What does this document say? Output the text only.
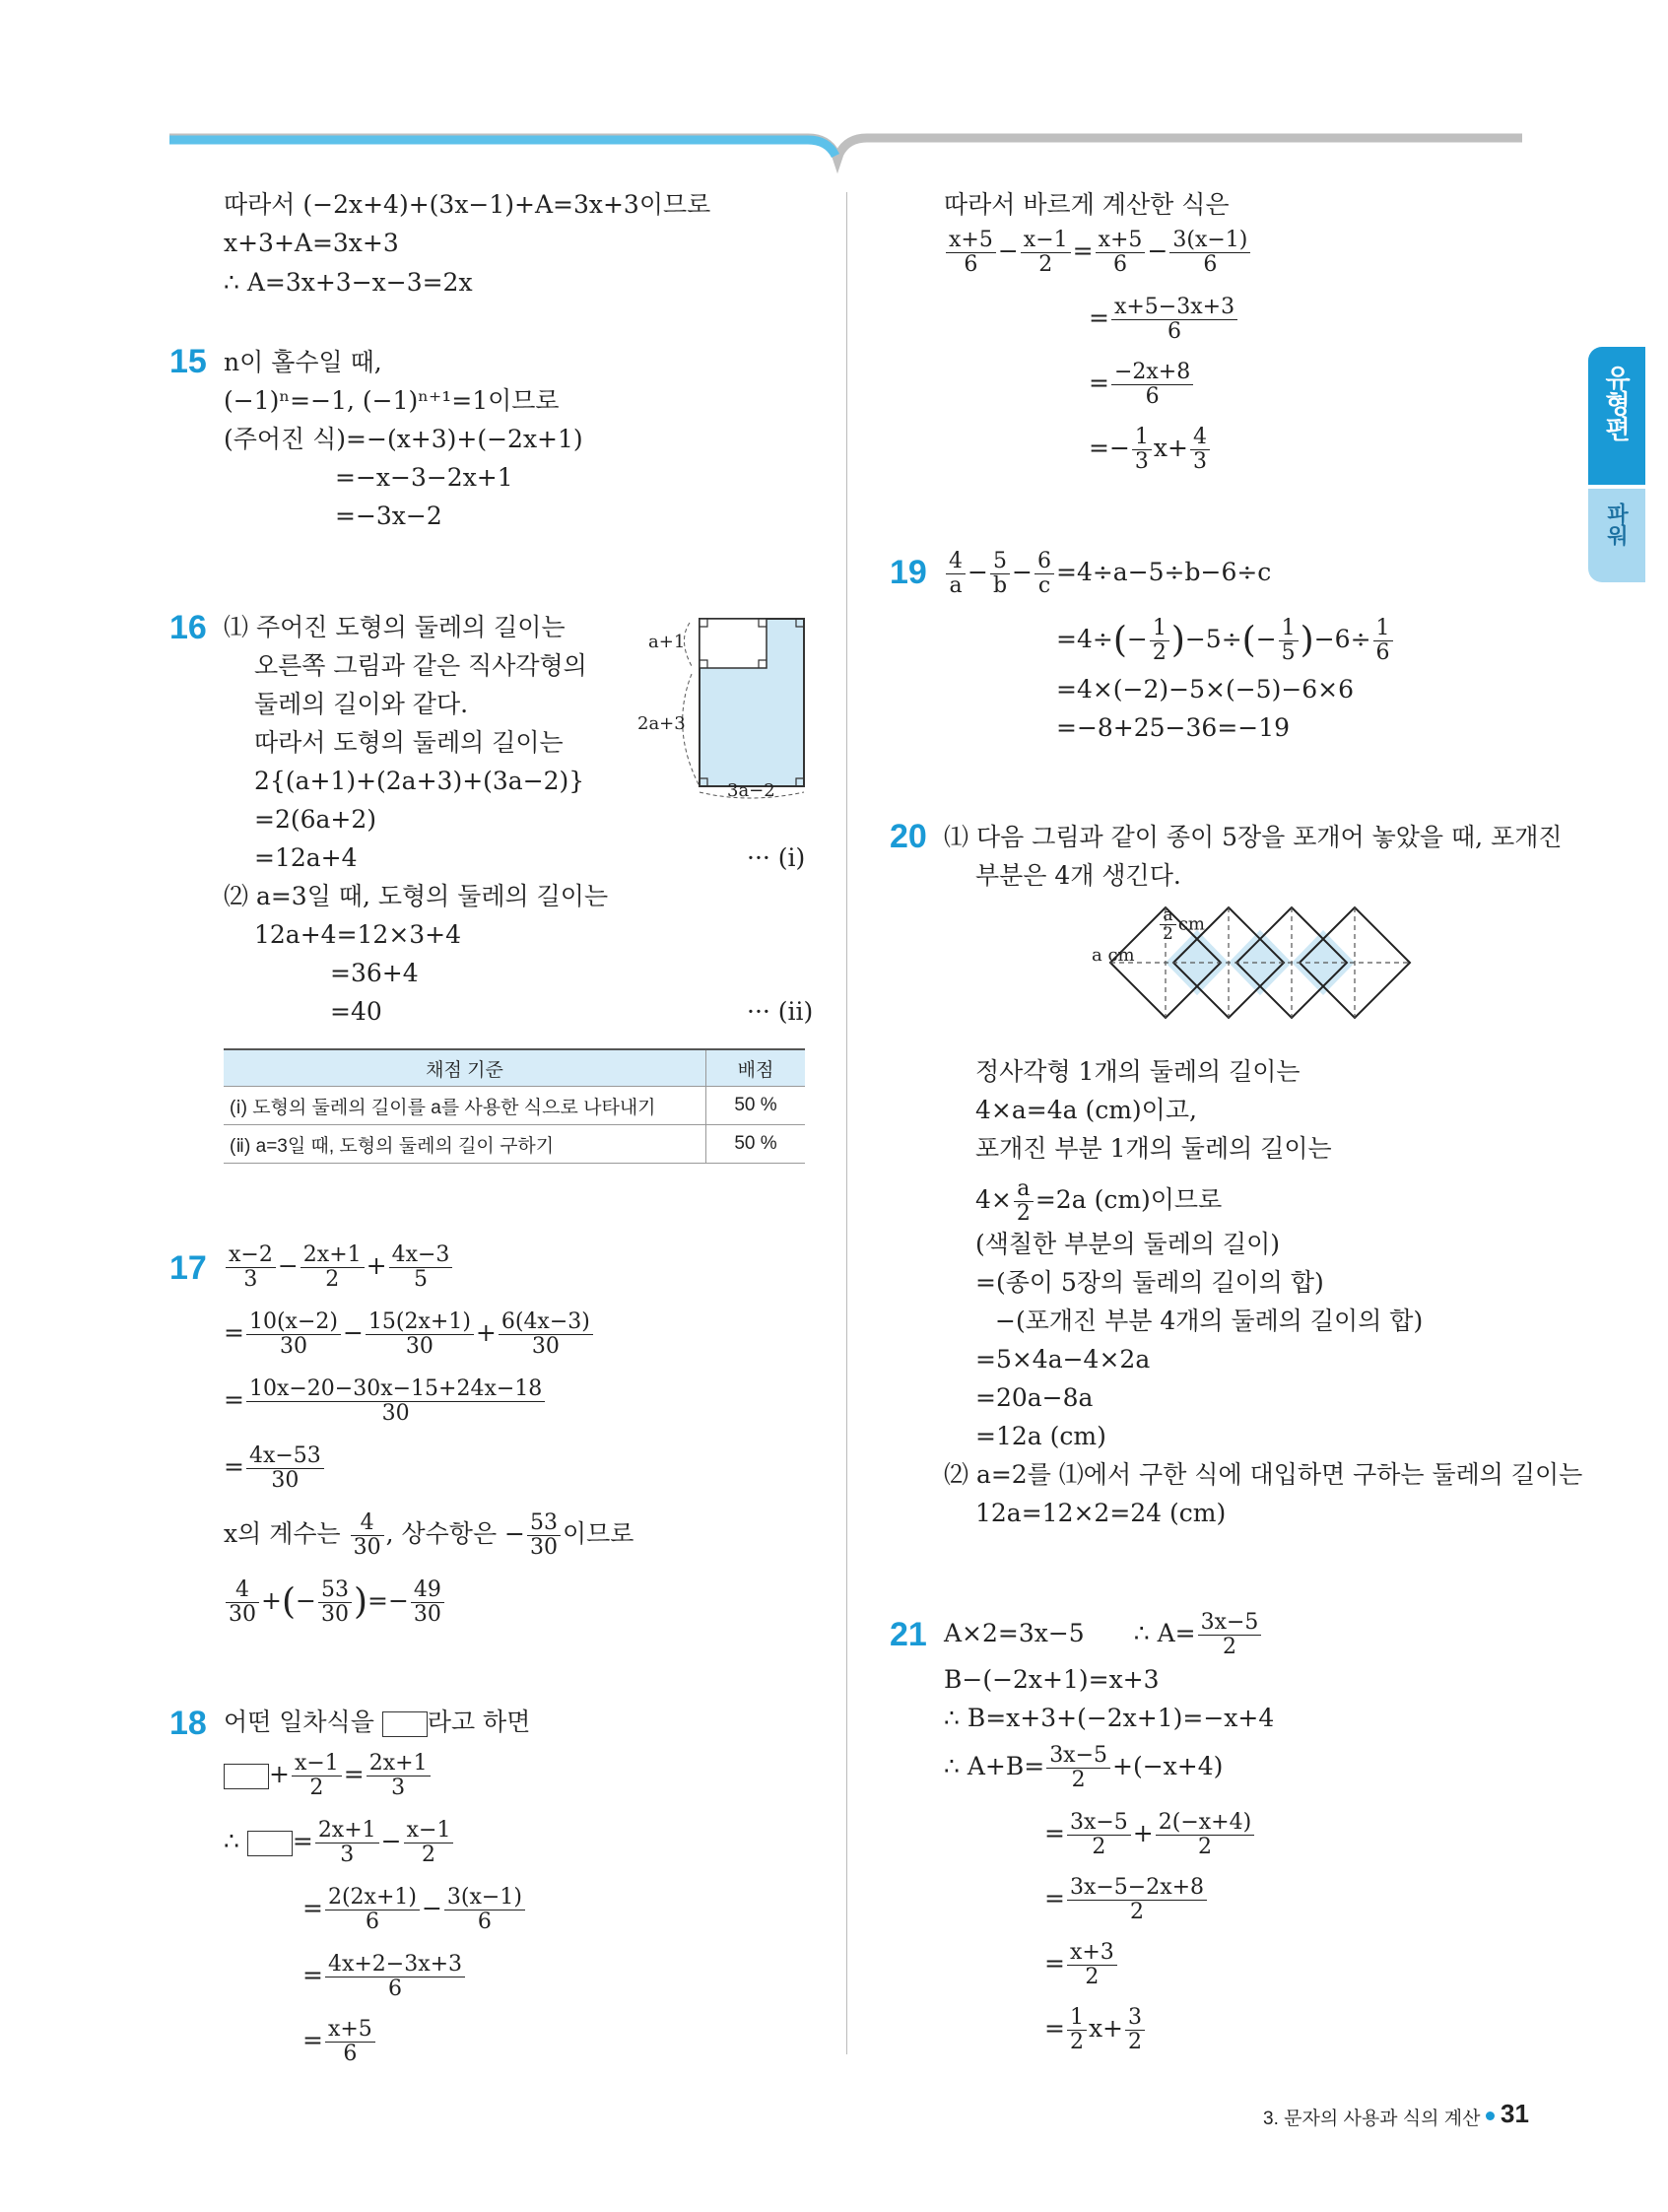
유형편
파워
따라서 (−2x+4)+(3x−1)+A=3x+3이므로
x+3+A=3x+3
∴ A=3x+3−x−3=2x
15 n이 홀수일 때,
(−1)ⁿ=−1, (−1)ⁿ⁺¹=1이므로
(주어진 식)=−(x+3)+(−2x+1)
=−x−3−2x+1
=−3x−2
16 ⑴ 주어진 도형의 둘레의 길이는
오른쪽 그림과 같은 직사각형의
둘레의 길이와 같다.
따라서 도형의 둘레의 길이는
2{(a+1)+(2a+3)+(3a−2)}
=2(6a+2)
=12a+4	··· (ⅰ)
⑵ a=3일 때, 도형의 둘레의 길이는
12a+4=12×3+4
=36+4
=40	··· (ⅱ)
a+1
2a+3
3a−2
채점 기준	배점
(ⅰ) 도형의 둘레의 길이를 a를 사용한 식으로 나타내기	50 %
(ⅱ) a=3일 때, 도형의 둘레의 길이 구하기	50 %
$17 \frac{x-2}{3} - \frac{2x+1}{2} + \frac{4x-3}{5}$
= $\frac{10(x-2)}{30} - \frac{15(2x+1)}{30} + \frac{6(4x-3)}{30}$
= $\frac{10x-20-30x-15+24x-18}{30}$
= $\frac{4x-53}{30}$
x의 계수는 $\frac{4}{30}$ , 상수항은 − $\frac{53}{30}$ 이므로
$\frac{4}{30}$ +(− $\frac{53}{30}$ )=− $\frac{49}{30}$
18 어떤 일차식을 라고 하면
+ $\frac{x-1}{2} = \frac{2x+1}{3}$
∴ = $\frac{2x+1}{3} - \frac{x-1}{2}$
= $\frac{2(2x+1)}{6} - \frac{3(x-1)}{6}$
= $\frac{4x+2-3x+3}{6}$
= $\frac{x+5}{6}$
따라서 바르게 계산한 식은
$\frac{x+5}{6} - \frac{x-1}{2} = \frac{x+5}{6} - \frac{3(x-1)}{6}$
= $\frac{x+5-3x+3}{6}$
= $\frac{-2x+8}{6}$
=− $\frac{1}{3} x+ \frac{4}{3}$
$19 \frac{4}{a} - \frac{5}{b} - \frac{6}{c} =4\div a-5\div b-6\div c$
$=4\div(- \frac{1}{2} )-5\div(- \frac{1}{5} )-6\div \frac{1}{6}$
=4×(−2)−5×(−5)−6×6
=−8+25−36=−19
20 ⑴ 다음 그림과 같이 종이 5장을 포개어 놓았을 때, 포개진
부분은 4개 생긴다.
$\frac{a}{2}$ cm
a cm
정사각형 1개의 둘레의 길이는
4×a=4a (cm)이고,
포개진 부분 1개의 둘레의 길이는
$4\times \frac{a}{2} =2a$ (cm)이므로
(색칠한 부분의 둘레의 길이)
=(종이 5장의 둘레의 길이의 합)
−(포개진 부분 4개의 둘레의 길이의 합)
=5×4a−4×2a
=20a−8a
=12a (cm)
⑵ a=2를 ⑴에서 구한 식에 대입하면 구하는 둘레의 길이는
12a=12×2=24 (cm)
21 A×2=3x−5 ∴ $A= \frac{3x-5}{2}$
B−(−2x+1)=x+3
∴ B=x+3+(−2x+1)=−x+4
∴ $A+B= \frac{3x-5}{2} +(-x+4)$
= $\frac{3x-5}{2} + \frac{2(-x+4)}{2}$
= $\frac{3x-5-2x+8}{2}$
= $\frac{x+3}{2}$
= $\frac{1}{2} x+ \frac{3}{2}$
3. 문자의 사용과 식의 계산 31
